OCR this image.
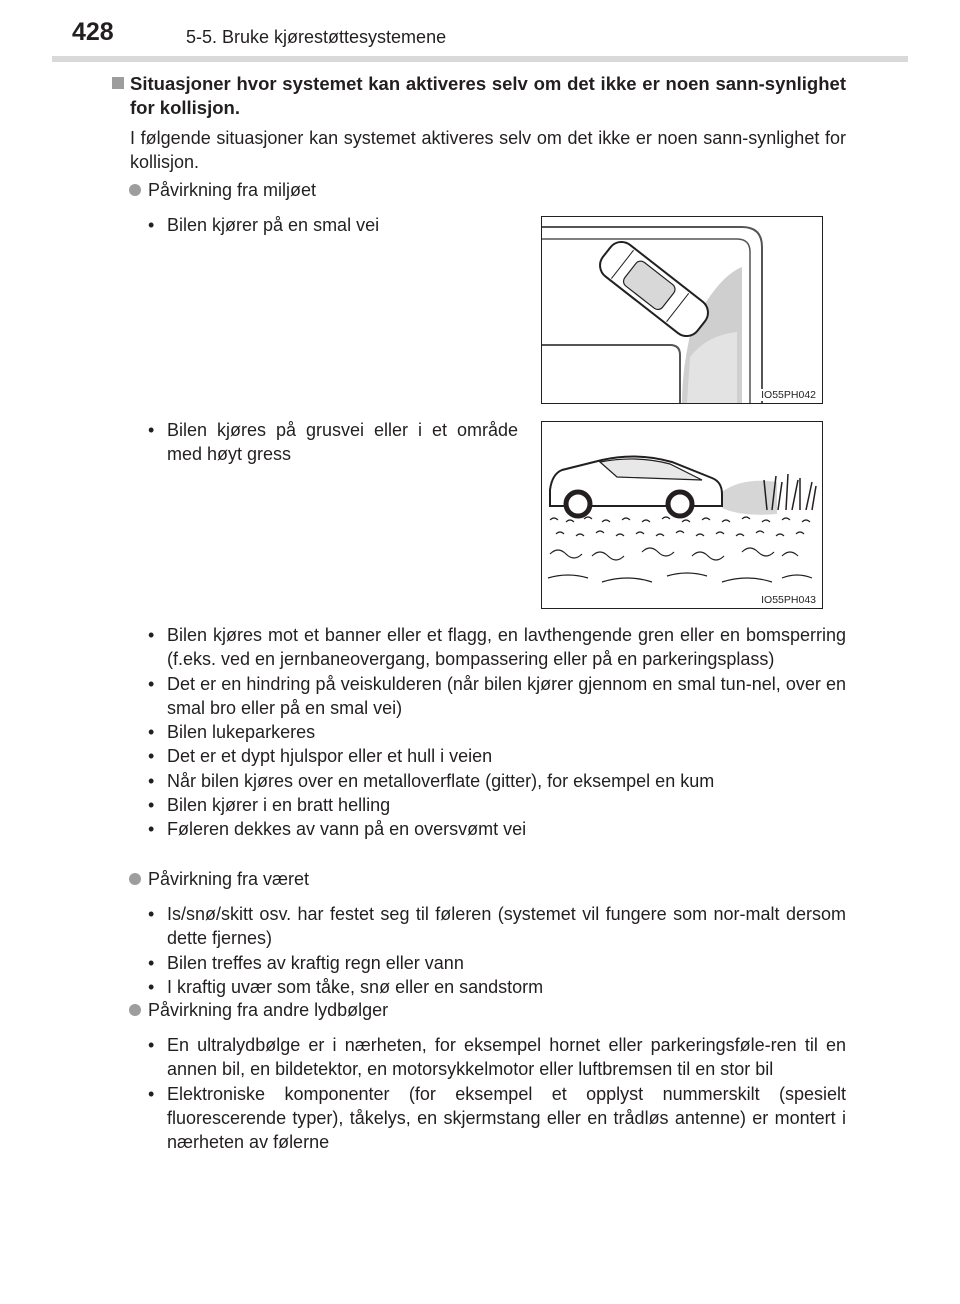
428	5-5. Bruke kjørestøttesystemene
Situasjoner hvor systemet kan aktiveres selv om det ikke er noen sann-synlighet for kollisjon.
I følgende situasjoner kan systemet aktiveres selv om det ikke er noen sann-synlighet for kollisjon.
Påvirkning fra miljøet
• Bilen kjører på en smal vei
• Bilen kjøres på grusvei eller i et område med høyt gress
IO55PH042
IO55PH043
• Bilen kjøres mot et banner eller et flagg, en lavthengende gren eller en bomsperring (f.eks. ved en jernbaneovergang, bompassering eller på en parkeringsplass)
• Det er en hindring på veiskulderen (når bilen kjører gjennom en smal tun-nel, over en smal bro eller på en smal vei)
• Bilen lukeparkeres
• Det er et dypt hjulspor eller et hull i veien
• Når bilen kjøres over en metalloverflate (gitter), for eksempel en kum
• Bilen kjører i en bratt helling
• Føleren dekkes av vann på en oversvømt vei
Påvirkning fra været
• Is/snø/skitt osv. har festet seg til føleren (systemet vil fungere som nor-malt dersom dette fjernes)
• Bilen treffes av kraftig regn eller vann
• I kraftig uvær som tåke, snø eller en sandstorm
Påvirkning fra andre lydbølger
• En ultralydbølge er i nærheten, for eksempel hornet eller parkeringsføle-ren til en annen bil, en bildetektor, en motorsykkelmotor eller luftbremsen til en stor bil
• Elektroniske komponenter (for eksempel et opplyst nummerskilt (spesielt fluorescerende typer), tåkelys, en skjermstang eller en trådløs antenne) er montert i nærheten av følerne
